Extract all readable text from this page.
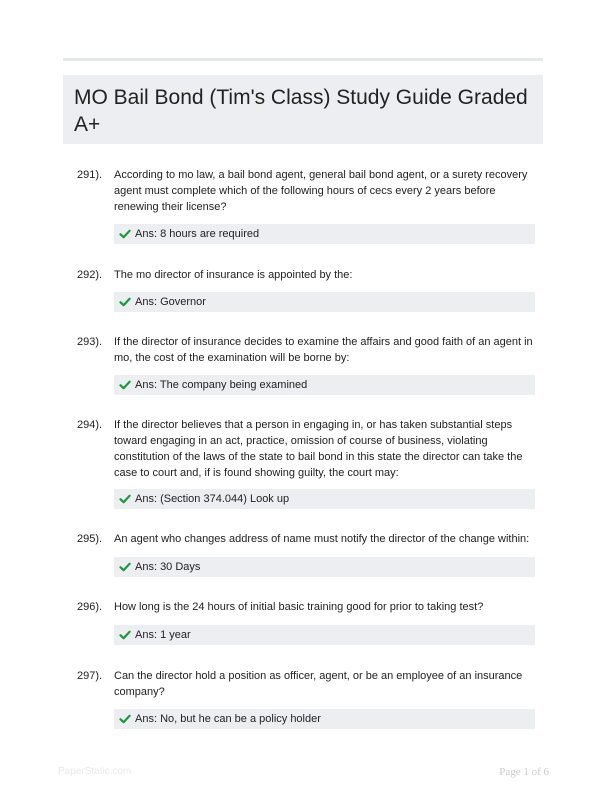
MO Bail Bond (Tim's Class) Study Guide Graded A+
291). According to mo law, a bail bond agent, general bail bond agent, or a surety recovery agent must complete which of the following hours of cecs every 2 years before renewing their license?
Ans: 8 hours are required
292). The mo director of insurance is appointed by the:
Ans: Governor
293). If the director of insurance decides to examine the affairs and good faith of an agent in mo, the cost of the examination will be borne by:
Ans: The company being examined
294). If the director believes that a person in engaging in, or has taken substantial steps toward engaging in an act, practice, omission of course of business, violating constitution of the laws of the state to bail bond in this state the director can take the case to court and, if is found showing guilty, the court may:
Ans: (Section 374.044) Look up
295). An agent who changes address of name must notify the director of the change within:
Ans: 30 Days
296). How long is the 24 hours of initial basic training good for prior to taking test?
Ans: 1 year
297). Can the director hold a position as officer, agent, or be an employee of an insurance company?
Ans: No, but he can be a policy holder
PaperStatic.com	Page 1 of 6
